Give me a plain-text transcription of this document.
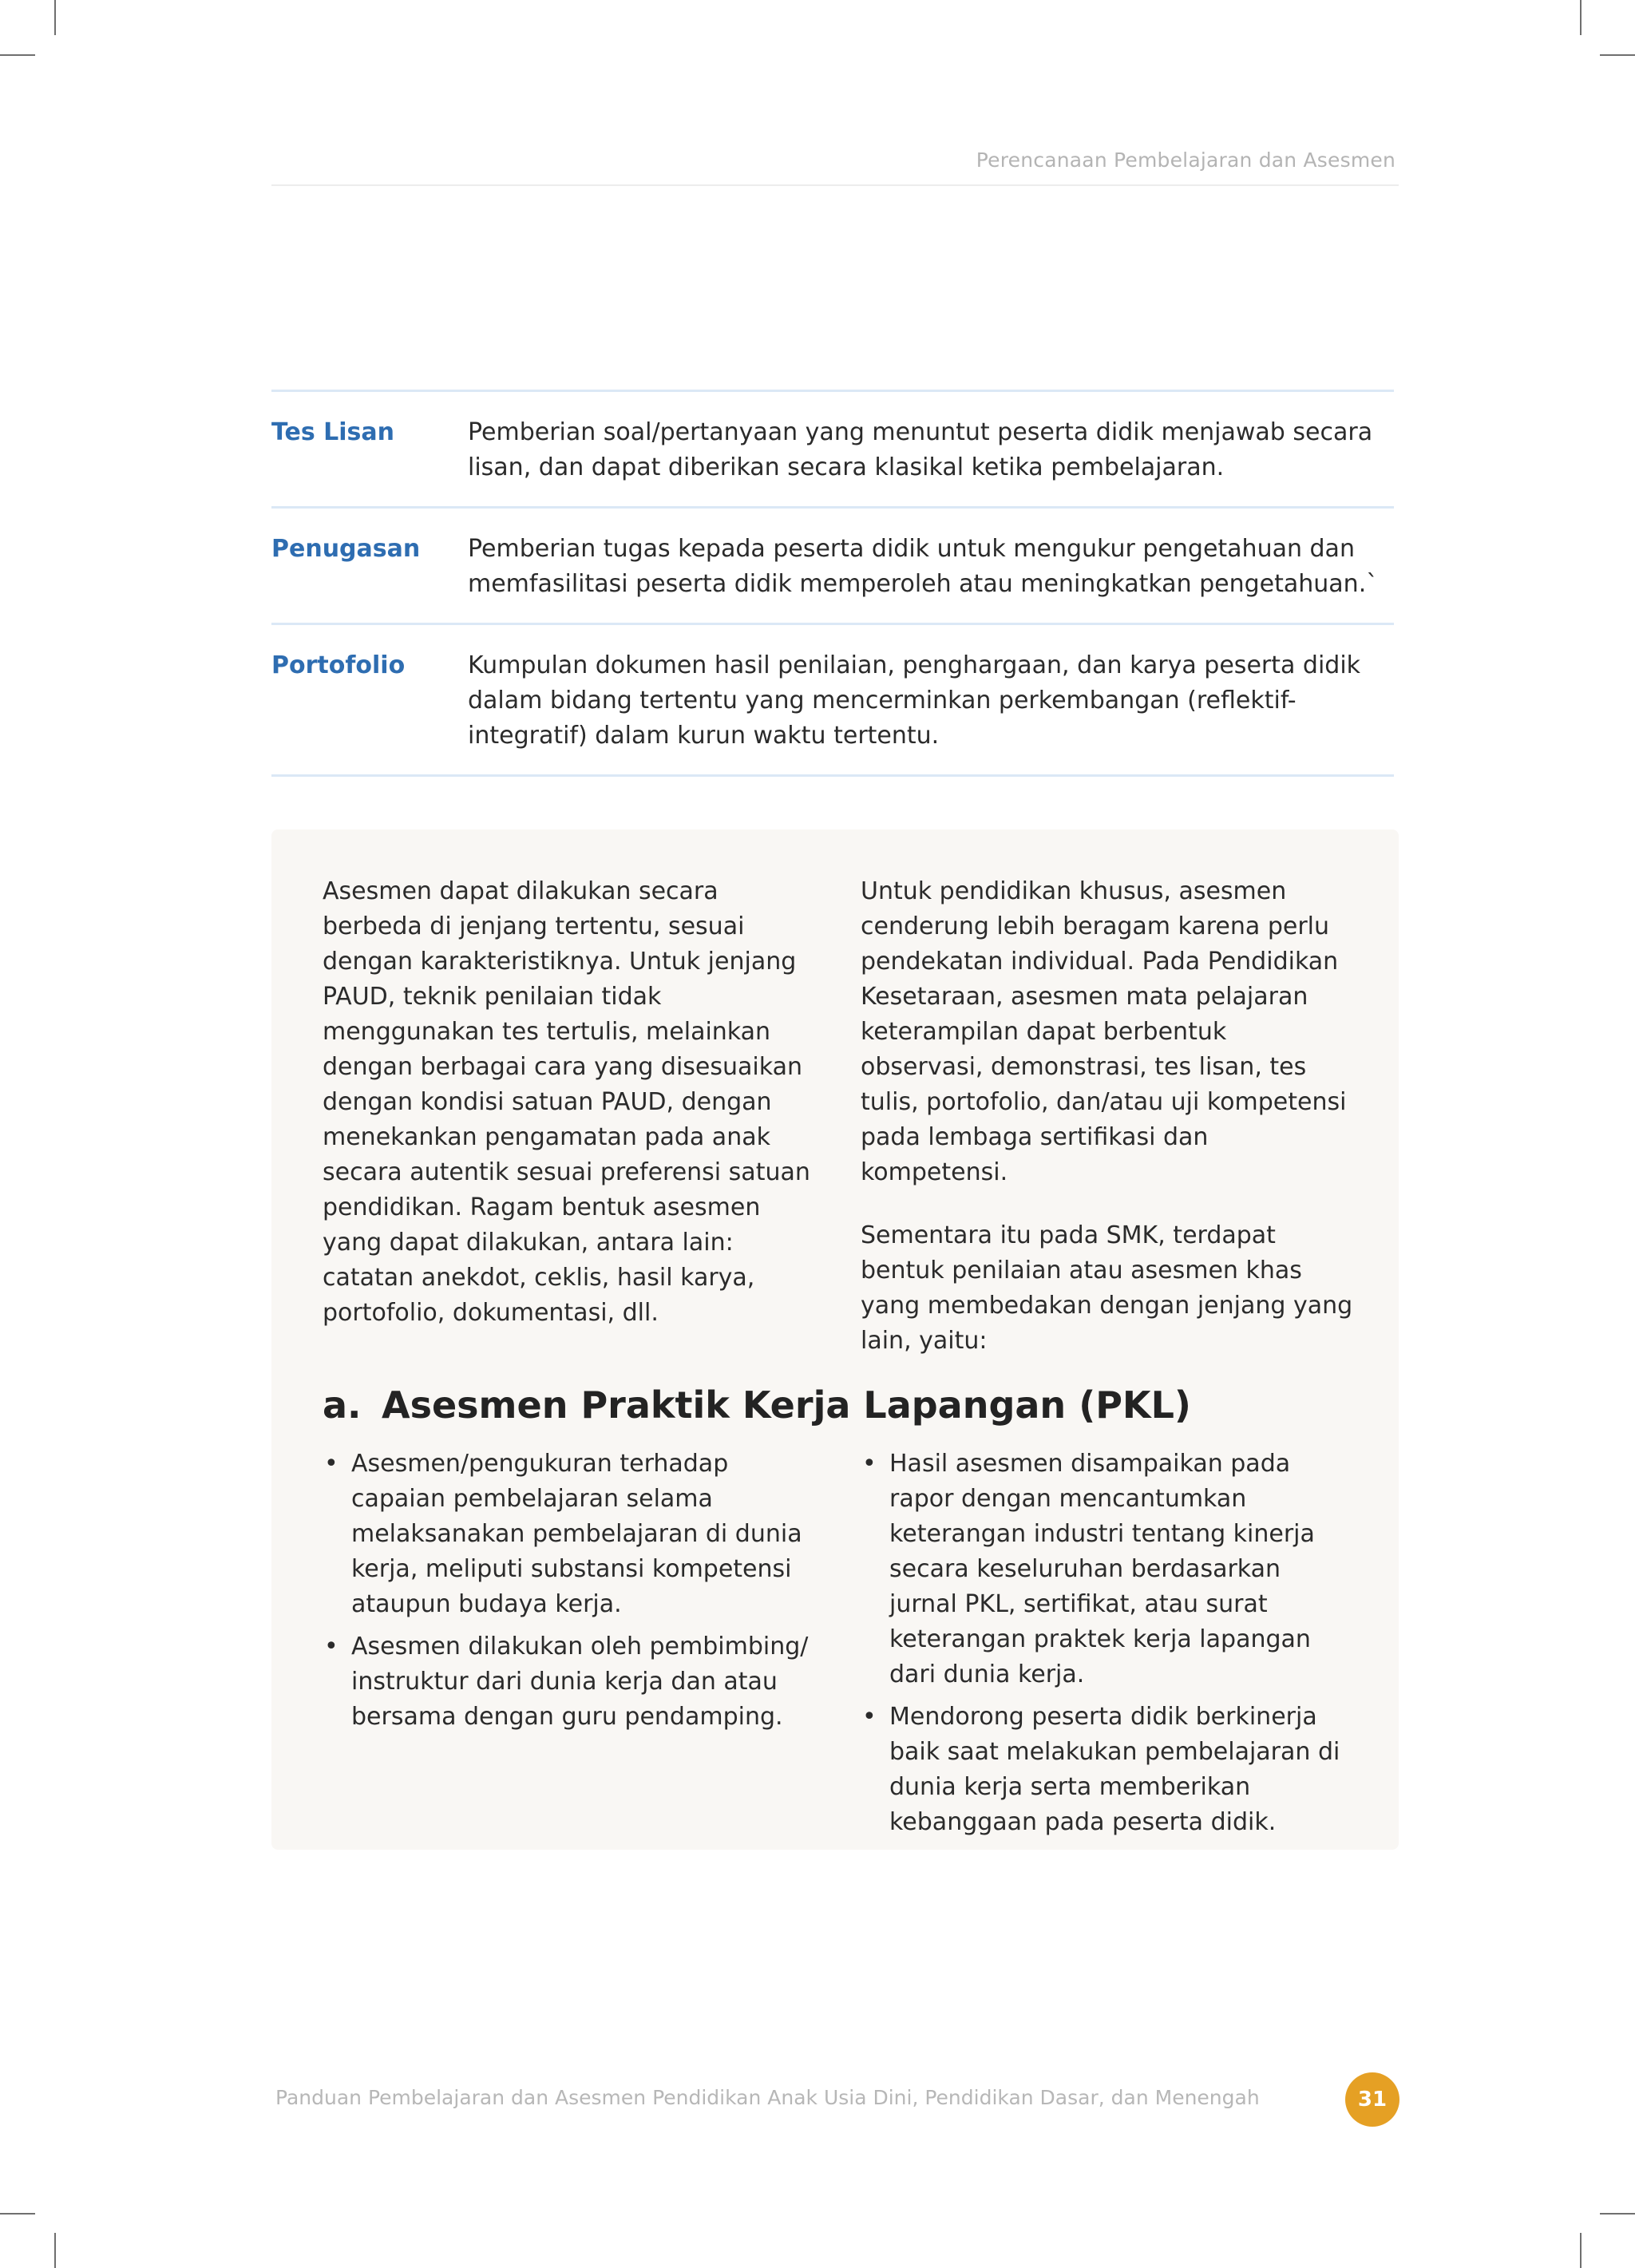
Perencanaan Pembelajaran dan Asesmen
Tes Lisan	Pemberian soal/pertanyaan yang menuntut peserta didik menjawab secara lisan, dan dapat diberikan secara klasikal ketika pembelajaran.
Penugasan	Pemberian tugas kepada peserta didik untuk mengukur pengetahuan dan memfasilitasi peserta didik memperoleh atau meningkatkan pengetahuan.`
Portofolio	Kumpulan dokumen hasil penilaian, penghargaan, dan karya peserta didik dalam bidang tertentu yang mencerminkan perkembangan (reflektif-integratif) dalam kurun waktu tertentu.

Asesmen dapat dilakukan secara berbeda di jenjang tertentu, sesuai dengan karakteristiknya. Untuk jenjang PAUD, teknik penilaian tidak menggunakan tes tertulis, melainkan dengan berbagai cara yang disesuaikan dengan kondisi satuan PAUD, dengan menekankan pengamatan pada anak secara autentik sesuai preferensi satuan pendidikan. Ragam bentuk asesmen yang dapat dilakukan, antara lain: catatan anekdot, ceklis, hasil karya, portofolio, dokumentasi, dll.

Untuk pendidikan khusus, asesmen cenderung lebih beragam karena perlu pendekatan individual. Pada Pendidikan Kesetaraan, asesmen mata pelajaran keterampilan dapat berbentuk observasi, demonstrasi, tes lisan, tes tulis, portofolio, dan/atau uji kompetensi pada lembaga sertifikasi dan kompetensi.

Sementara itu pada SMK, terdapat bentuk penilaian atau asesmen khas yang membedakan dengan jenjang yang lain, yaitu:

a. Asesmen Praktik Kerja Lapangan (PKL)
• Asesmen/pengukuran terhadap capaian pembelajaran selama melaksanakan pembelajaran di dunia kerja, meliputi substansi kompetensi ataupun budaya kerja.
• Asesmen dilakukan oleh pembimbing/ instruktur dari dunia kerja dan atau bersama dengan guru pendamping.
• Hasil asesmen disampaikan pada rapor dengan mencantumkan keterangan industri tentang kinerja secara keseluruhan berdasarkan jurnal PKL, sertifikat, atau surat keterangan praktek kerja lapangan dari dunia kerja.
• Mendorong peserta didik berkinerja baik saat melakukan pembelajaran di dunia kerja serta memberikan kebanggaan pada peserta didik.
Panduan Pembelajaran dan Asesmen Pendidikan Anak Usia Dini, Pendidikan Dasar, dan Menengah	31
